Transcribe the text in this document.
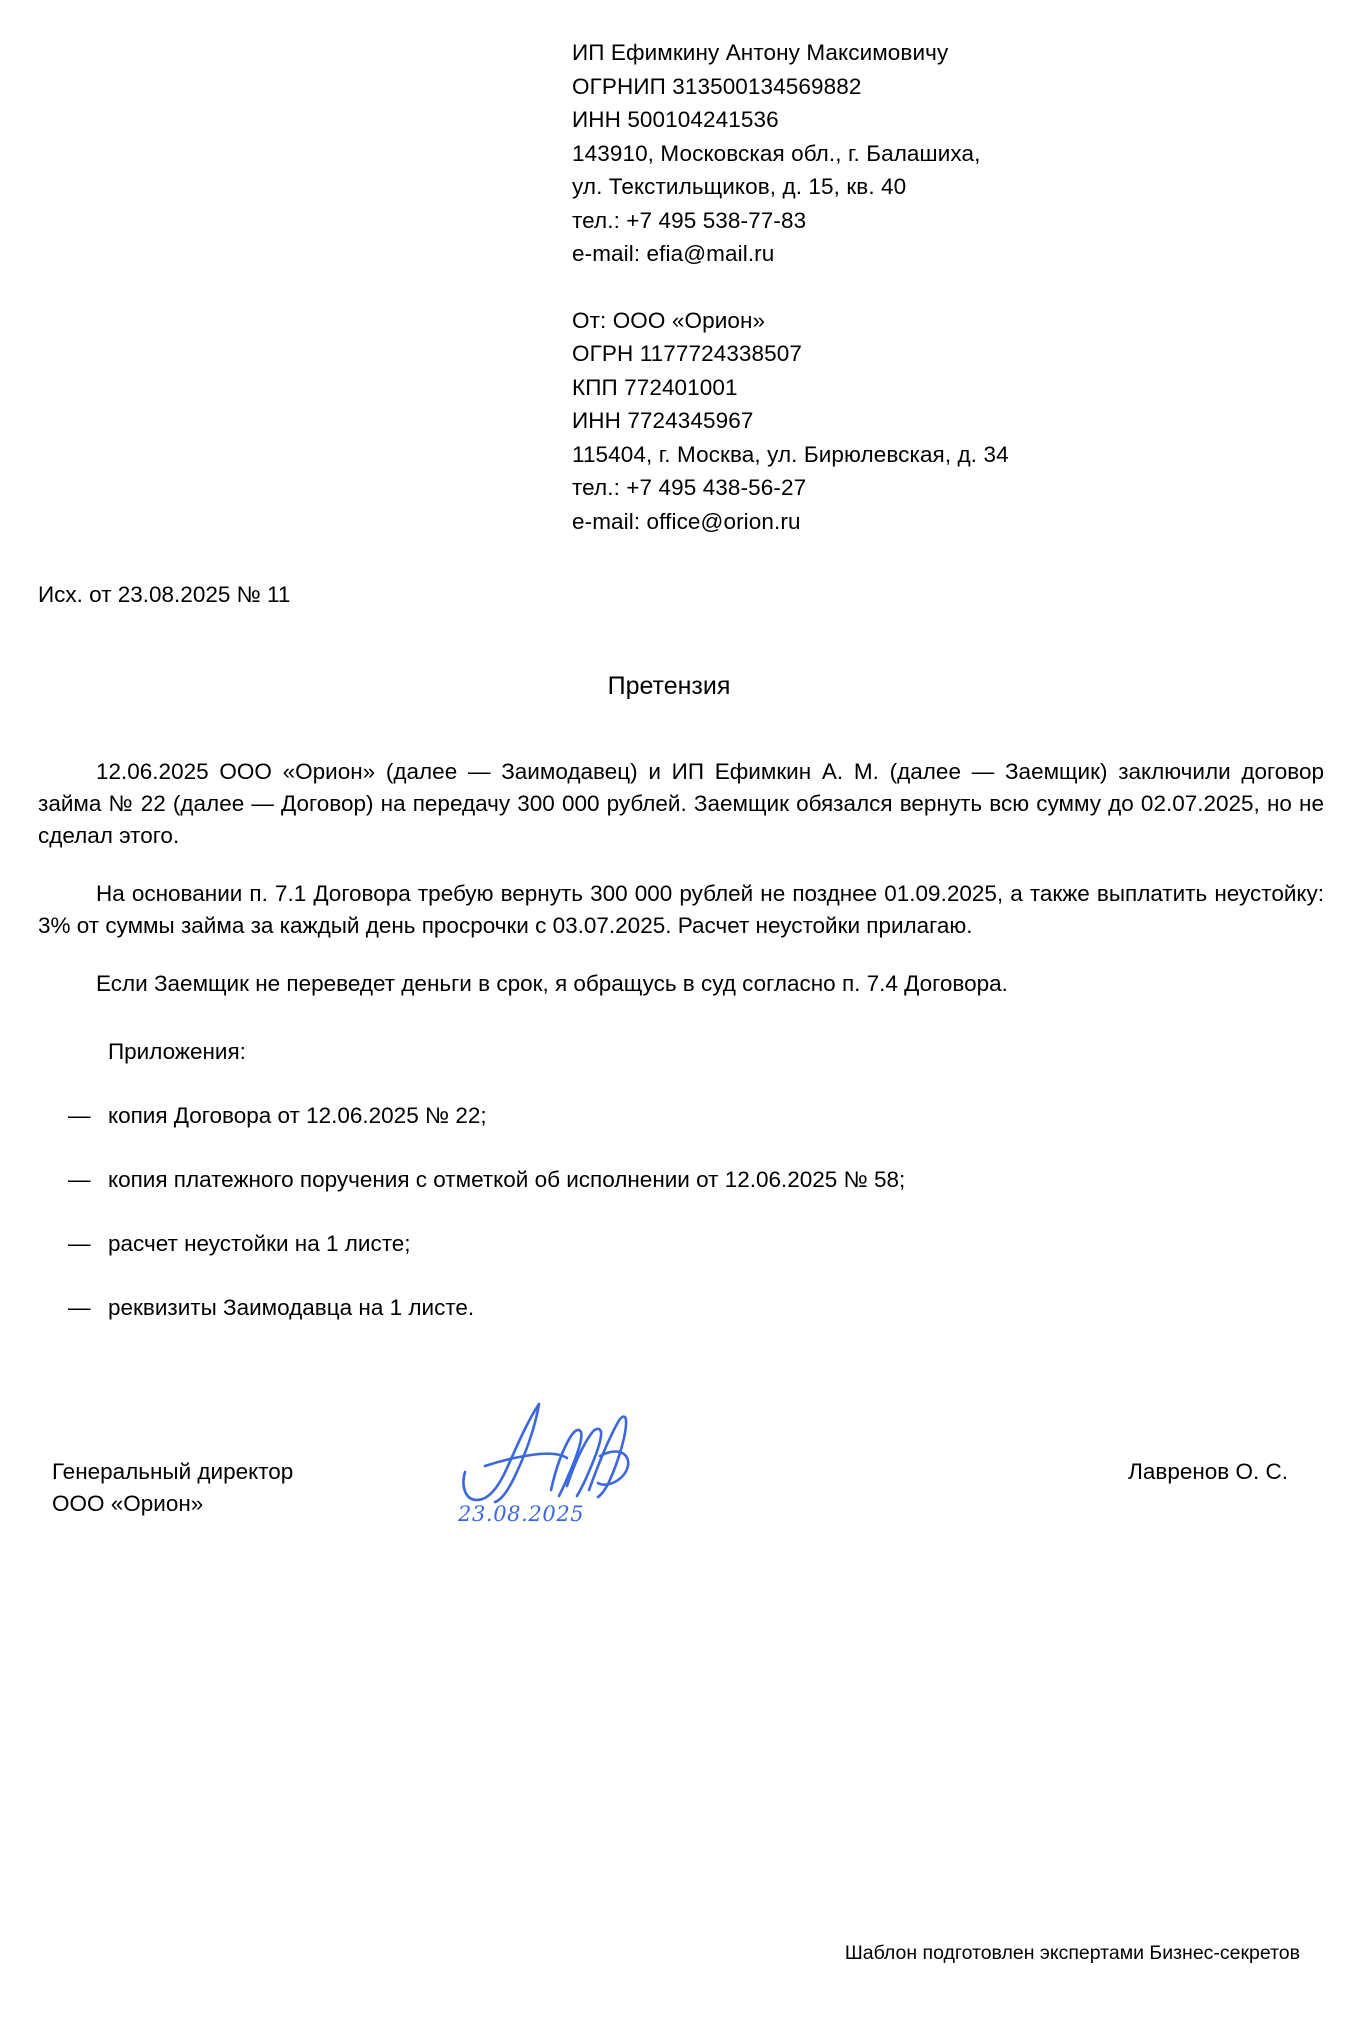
ИП Ефимкину Антону Максимовичу
ОГРНИП 313500134569882
ИНН 500104241536
143910, Московская обл., г. Балашиха,
ул. Текстильщиков, д. 15, кв. 40
тел.: +7 495 538-77-83
e-mail: efia@mail.ru
От: ООО «Орион»
ОГРН 1177724338507
КПП 772401001
ИНН 7724345967
115404, г. Москва, ул. Бирюлевская, д. 34
тел.: +7 495 438-56-27
e-mail: office@orion.ru
Исх. от 23.08.2025 № 11
Претензия

12.06.2025 ООО «Орион» (далее — Заимодавец) и ИП Ефимкин А. М. (далее — Заемщик) заключили договор займа № 22 (далее — Договор) на передачу 300 000 рублей. Заемщик обязался вернуть всю сумму до 02.07.2025, но не сделал этого.

На основании п. 7.1 Договора требую вернуть 300 000 рублей не позднее 01.09.2025, а также выплатить неустойку: 3% от суммы займа за каждый день просрочки с 03.07.2025. Расчет неустойки прилагаю.

Если Заемщик не переведет деньги в срок, я обращусь в суд согласно п. 7.4 Договора.

Приложения:

— копия Договора от 12.06.2025 № 22;
— копия платежного поручения с отметкой об исполнении от 12.06.2025 № 58;
— расчет неустойки на 1 листе;
— реквизиты Заимодавца на 1 листе.
Генеральный директор
ООО «Орион»	23.08.2025
Лавренов О. С.
Шаблон подготовлен экспертами Бизнес-секретов
